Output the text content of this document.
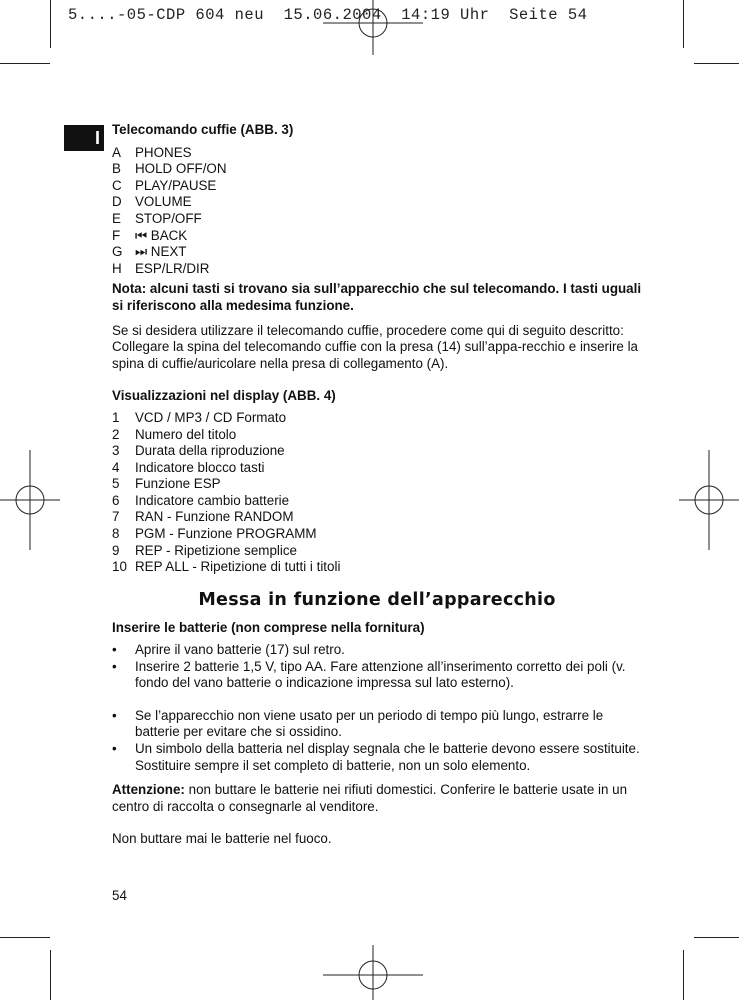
5....-05-CDP 604 neu  15.06.2004  14:19 Uhr  Seite 54
I Telecomando cuffie (ABB. 3)
A	PHONES
B	HOLD OFF/ON
C PLAY/PAUSE
D VOLUME
E	STOP/OFF
F	⏮ BACK
G ⏭ NEXT
H ESP/LR/DIR

Nota: alcuni tasti si trovano sia sull’apparecchio che sul telecomando. I tasti uguali si riferiscono alla medesima funzione.

Se si desidera utilizzare il telecomando cuffie, procedere come qui di seguito descritto: Collegare la spina del telecomando cuffie con la presa (14) sull’appa-recchio e inserire la spina di cuffie/auricolare nella presa di collegamento (A).

Visualizzazioni nel display (ABB. 4)
1	VCD / MP3 / CD Formato
2	Numero del titolo
3	Durata della riproduzione
4	Indicatore blocco tasti
5	Funzione ESP
6	Indicatore cambio batterie
7	RAN - Funzione RANDOM
8	PGM - Funzione PROGRAMM
9	REP - Ripetizione semplice
10 REP ALL - Ripetizione di tutti i titoli
Messa in funzione dell’apparecchio
Inserire le batterie (non comprese nella fornitura)
•	Aprire il vano batterie (17) sul retro.
•	Inserire 2 batterie 1,5 V, tipo AA. Fare attenzione all’inserimento corretto dei poli (v. fondo del vano batterie o indicazione impressa sul lato esterno).
•	Se l’apparecchio non viene usato per un periodo di tempo più lungo, estrarre le batterie per evitare che si ossidino.
•	Un simbolo della batteria nel display segnala che le batterie devono essere sostituite. Sostituire sempre il set completo di batterie, non un solo elemento.

Attenzione: non buttare le batterie nei rifiuti domestici. Conferire le batterie usate in un centro di raccolta o consegnarle al venditore.

Non buttare mai le batterie nel fuoco.

54
